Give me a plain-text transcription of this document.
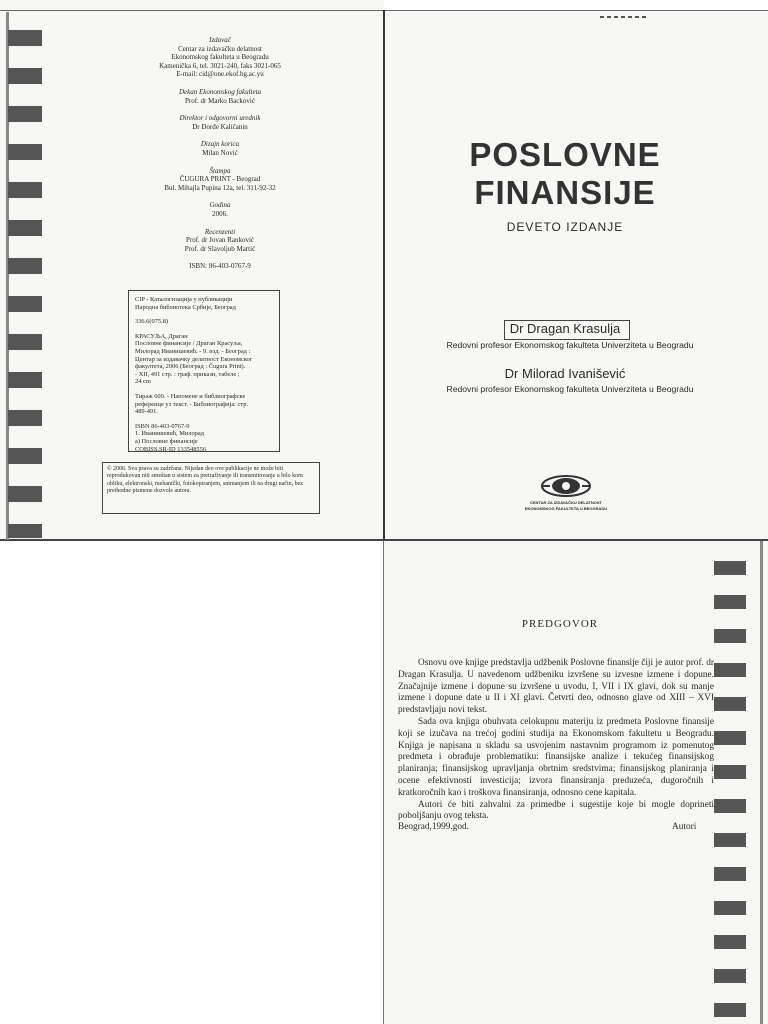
Izdavač
Centar za izdavačku delatnost
Ekonomskog fakulteta u Beogradu
Kamenička 6, tel. 3021-240, faks 3021-065
E-mail: cid@one.ekof.bg.ac.yu
Dekan Ekonomskog fakulteta
Prof. dr Marko Backović
Direktor i odgovorni urednik
Dr Đorđe Kaličanin
Dizajn korica
Milan Nović
Štampa
ČUGURA PRINT - Beograd
Bul. Mihajla Pupina 12a, tel. 311-92-32
Godina
2006.
Recenzenti
Prof. dr Jovan Ranković
Prof. dr Slavoljub Martić
ISBN: 86-403-0767-9
CIP - Каталогизација у публикацији
Народна библиотека Србије, Београд
336.6(075.8)
КРАСУЉА, Драган
Пословне финансије / Драган Красуља,
Милорад Иванишевић. - 9. изд. - Београд :
Центар за издавачку делатност Економског
факултета, 2006 (Београд : Čugura Print).
- XII, 491 стр. : граф. прикази, табеле ;
24 cm
Тираж 600. - Напомене и библиографске
референце уз текст. - Библиографија: стр.
489-491.
ISBN 86-403-0767-9
1. Иванишевић, Милорад
а) Пословне финансије
COBISS.SR-ID 133548556
© 2006. Sva prava su zadržana. Nijedan deo ove publikacije ne može biti reprodukovan niti smeštan u sistem za pretraživanje ili transmitovanje u bilo kom obliku, elektronski, mehanički, fotokopiranjem, snimanjem ili na drugi način, bez prethodne pismene dozvole autora.
POSLOVNE
FINANSIJE
DEVETO IZDANJE
Dr Dragan Krasulja
Redovni profesor Ekonomskog fakulteta Univerziteta u Beogradu
Dr Milorad Ivanišević
Redovni profesor Ekonomskog fakulteta Univerziteta u Beogradu
CENTAR ZA IZDAVAČKU DELATNOST
EKONOMSKOG FAKULTETA U BEOGRADU
PREDGOVOR

Osnovu ove knjige predstavlja udžbenik Poslovne finansije čiji je autor prof. dr Dragan Krasulja. U navedenom udžbeniku izvršene su izvesne izmene i dopune. Značajnije izmene i dopune su izvršene u uvodu, I, VII i IX glavi, dok su manje izmene i dopune date u II i XI glavi. Četvrti deo, odnosno glave od XIII – XVI predstavljaju novi tekst.

Sada ova knjiga obuhvata celokupnu materiju iz predmeta Poslovne finansije koji se izučava na trećoj godini studija na Ekonomskom fakultetu u Beogradu. Knjiga je napisana u skladu sa usvojenim nastavnim programom iz pomenutog predmeta i obrađuje problematiku: finansijske analize i tekućeg finansijskog planiranja; finansijskog upravljanja obrtnim sredstvima; finansijskog planiranja i ocene efektivnosti investicija; izvora finansiranja preduzeća, dugoročnih i kratkoročnih kao i troškova finansiranja, odnosno cene kapitala.

Autori će biti zahvalni za primedbe i sugestije koje bi mogle doprineti poboljšanju ovog teksta.

Beograd,1999.god.	Autori
